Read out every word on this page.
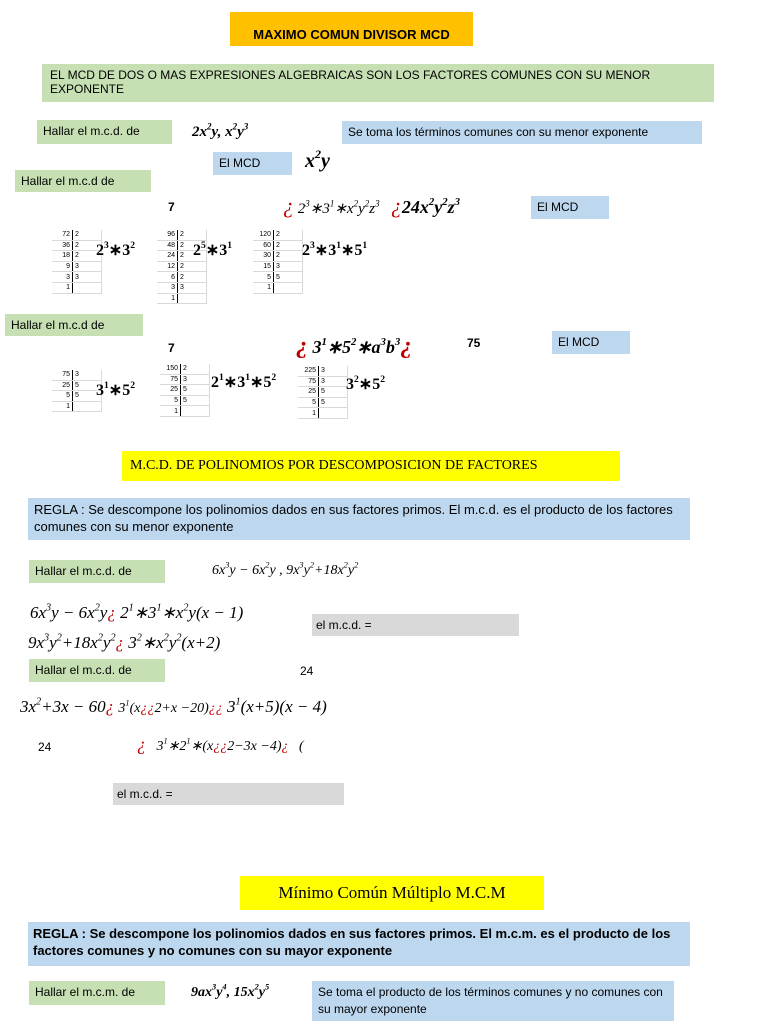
MAXIMO COMUN DIVISOR MCD
EL MCD DE DOS O MAS EXPRESIONES ALGEBRAICAS SON LOS FACTORES COMUNES CON SU MENOR EXPONENTE
Hallar el m.c.d. de	$2x^2y$, $x^2y^3$	Se toma los términos comunes con su menor exponente
El MCD	$x^2y$
Hallar el m.c.d de
7	¿ $2^3∗3^1∗x^2y^2z^3$ ¿$24x^2y^2z^3$	El MCD
72	2
36	2
18	2
9	3
3	3
1	
$2^3∗3^2$
96	2
48	2
24	2
12	2
6	2
3	3
1	
$2^5∗3^1$
120	2
60	2
30	2
15	3
5	5
1	
$2^3∗3^1∗5^1$
Hallar el m.c.d de
7	¿ $3^1∗5^2∗a^3b^3¿$	75	El MCD
75	3
25	5
5	5
1	
$3^1∗5^2$
150	2
75	3
25	5
5	5
1	
$2^1∗3^1∗5^2$
225	3
75	3
25	5
5	5
1	
$3^2∗5^2$
M.C.D. DE POLINOMIOS POR DESCOMPOSICION DE FACTORES
REGLA : Se descompone los polinomios dados en sus factores primos. El m.c.d. es el producto de los factores comunes con su menor exponente
Hallar el m.c.d. de	$6x^3y - 6x^2y$ , $9x^3y^2+18x^2y^2$
$6x^3y$ − $6x^2y¿$ $2^1∗3^1∗x^2y(x - 1)$
el m.c.d. =
$9x^3y^2+18x^2y^2¿$ $3^2∗x^2y^2(x+2)$
Hallar el m.c.d. de	24
$3x^2+3x$ − 60¿ $3^1(x¿¿2+x$ −20)¿¿ $3^1(x+5)(x - 4)$
24	¿   $3^1∗2^1∗(x¿¿2-3x$ −4)¿   (
el m.c.d. =
Mínimo Común Múltiplo M.C.M
REGLA : Se descompone los polinomios dados en sus factores primos. El m.c.m. es el producto de los factores comunes y no comunes con su mayor exponente
Hallar el m.c.m. de	$9ax^3y^4$, $15x^2y^5$	Se toma el producto de los términos comunes y no comunes con su mayor exponente
